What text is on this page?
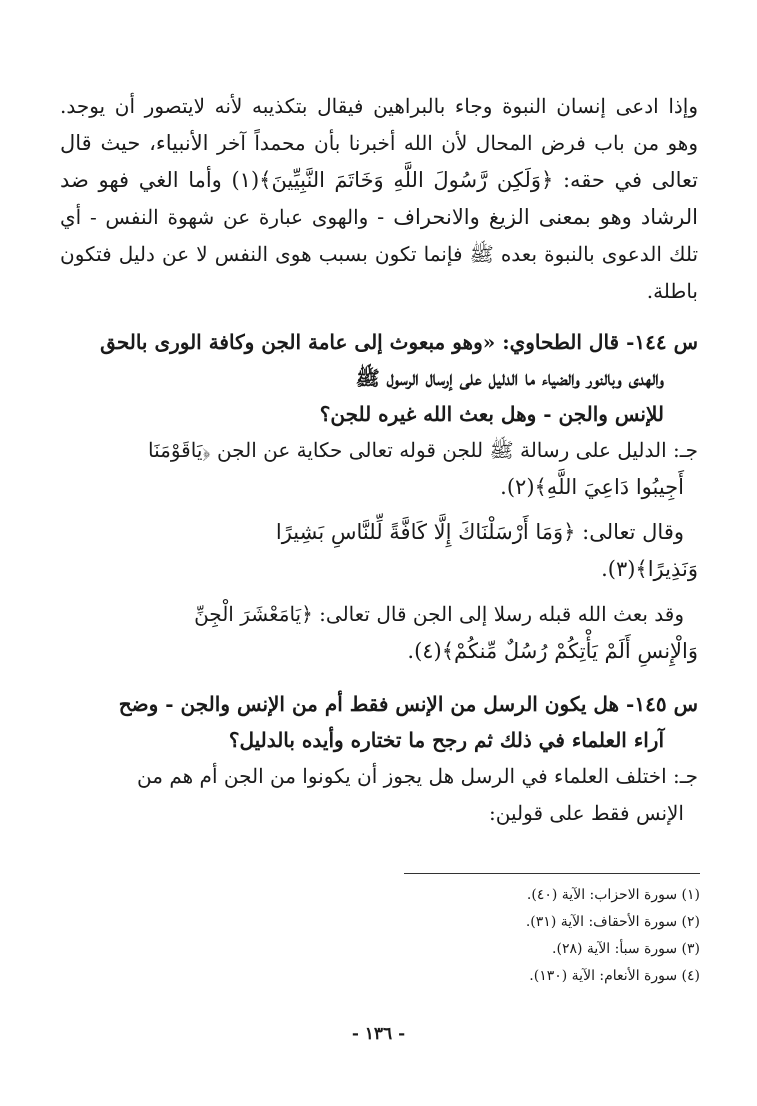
وإذا ادعى إنسان النبوة وجاء بالبراهين فيقال بتكذيبه لأنه لايتصور أن يوجد. وهو من باب فرض المحال لأن الله أخبرنا بأن محمداً آخر الأنبياء، حيث قال تعالى في حقه: ﴿وَلَكِن رَّسُولَ اللَّهِ وَخَاتَمَ النَّبِيِّينَ﴾(١) وأما الغي فهو ضد الرشاد وهو بمعنى الزيغ والانحراف - والهوى عبارة عن شهوة النفس - أي تلك الدعوى بالنبوة بعده ﷺ فإنما تكون بسبب هوى النفس لا عن دليل فتكون باطلة.

س ١٤٤- قال الطحاوي: «وهو مبعوث إلى عامة الجن وكافة الورى بالحق
والهدى وبالنور والضياء ما الدليل على إرسال الرسول ﷺ
للإنس والجن - وهل بعث الله غيره للجن؟

جـ: الدليل على رسالة ﷺ للجن قوله تعالى حكاية عن الجن ﴿يَاقَوْمَنَا
أَجِيبُوا دَاعِيَ اللَّهِ﴾(٢).

وقال تعالى: ﴿وَمَا أَرْسَلْنَاكَ إِلَّا كَافَّةً لِّلنَّاسِ بَشِيرًا
وَنَذِيرًا﴾(٣).

وقد بعث الله قبله رسلا إلى الجن قال تعالى: ﴿يَامَعْشَرَ الْجِنِّ
وَالْإِنسِ أَلَمْ يَأْتِكُمْ رُسُلٌ مِّنكُمْ﴾(٤).

س ١٤٥- هل يكون الرسل من الإنس فقط أم من الإنس والجن - وضح
آراء العلماء في ذلك ثم رجح ما تختاره وأيده بالدليل؟

جـ: اختلف العلماء في الرسل هل يجوز أن يكونوا من الجن أم هم من
الإنس فقط على قولين:

(١) سورة الاحزاب: الآية (٤٠).

(٢) سورة الأحقاف: الآية (٣١).

(٣) سورة سبأ: الآية (٢٨).

(٤) سورة الأنعام: الآية (١٣٠).

- ١٣٦ -
